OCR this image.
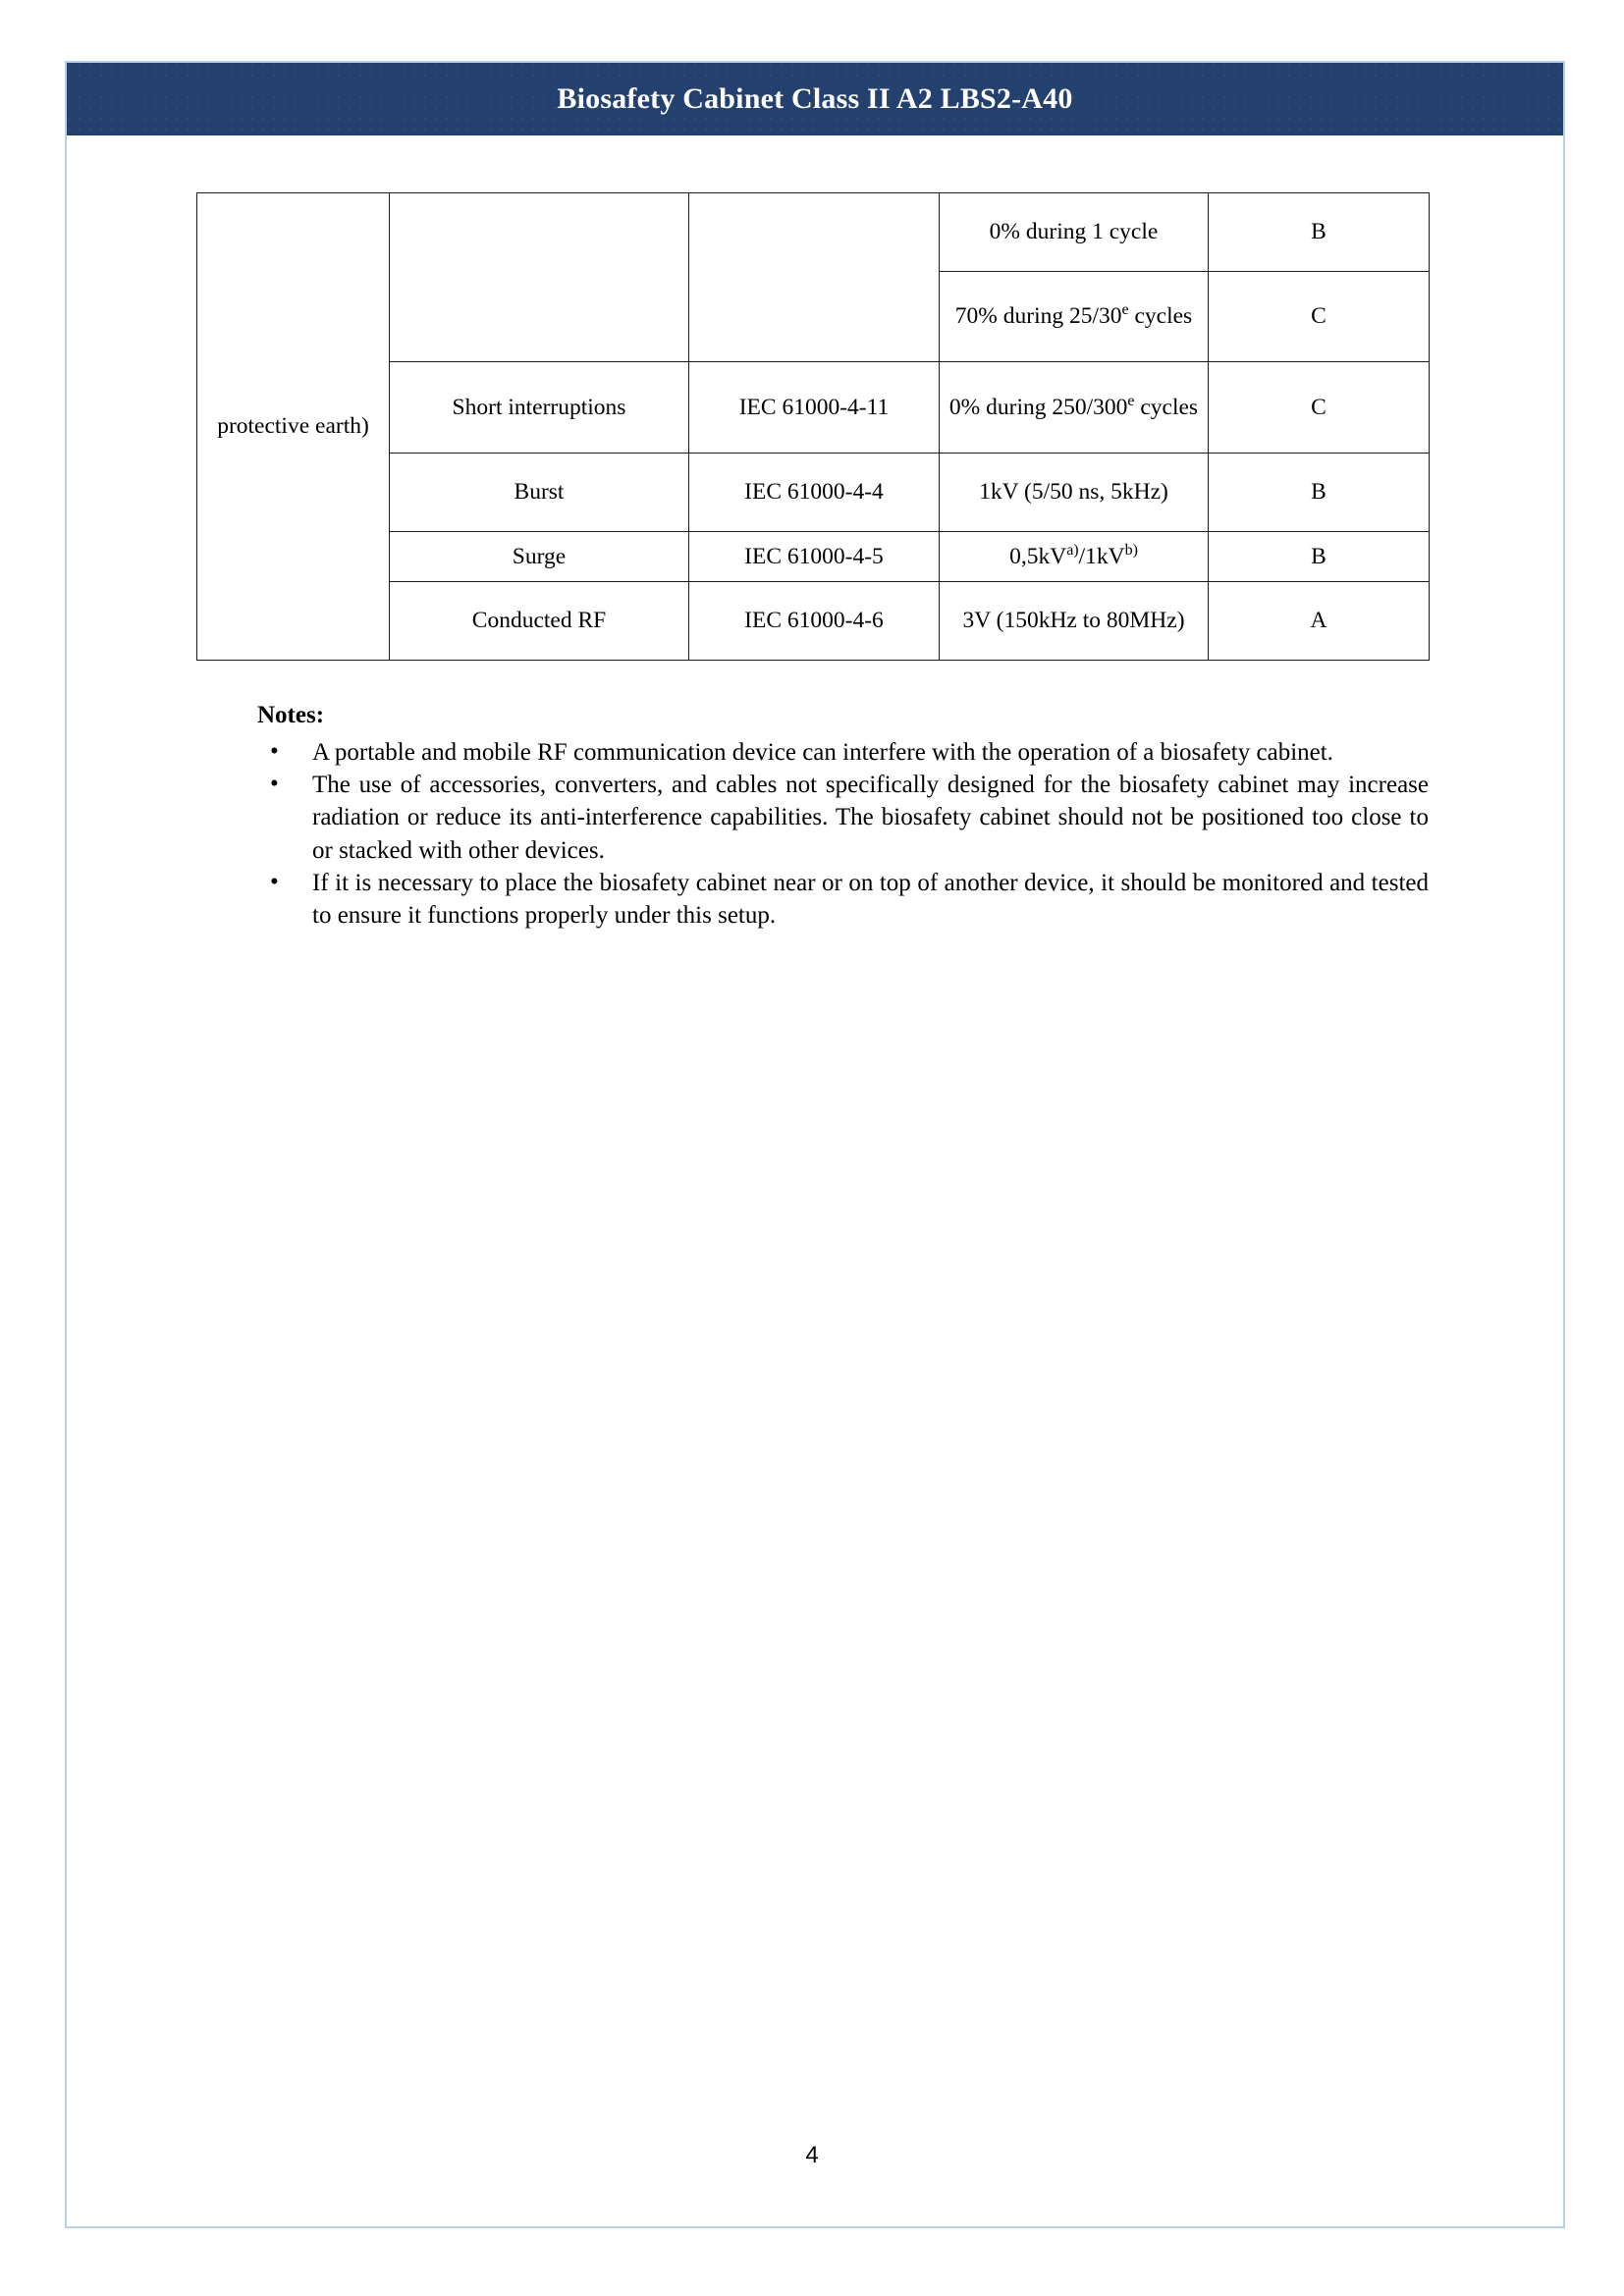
Biosafety Cabinet Class II A2 LBS2-A40
protective earth)			0% during 1 cycle	B
			70% during 25/30e cycles	C
	Short interruptions	IEC 61000-4-11	0% during 250/300e cycles	C
	Burst	IEC 61000-4-4	1kV (5/50 ns, 5kHz)	B
	Surge	IEC 61000-4-5	$0,5kV^{a)}/1kV^{b)}$	B
	Conducted RF	IEC 61000-4-6	3V (150kHz to 80MHz)	A
Notes:
• A portable and mobile RF communication device can interfere with the operation of a biosafety cabinet.
• The use of accessories, converters, and cables not specifically designed for the biosafety cabinet may increase radiation or reduce its anti-interference capabilities. The biosafety cabinet should not be positioned too close to or stacked with other devices.
• If it is necessary to place the biosafety cabinet near or on top of another device, it should be monitored and tested to ensure it functions properly under this setup.
4
